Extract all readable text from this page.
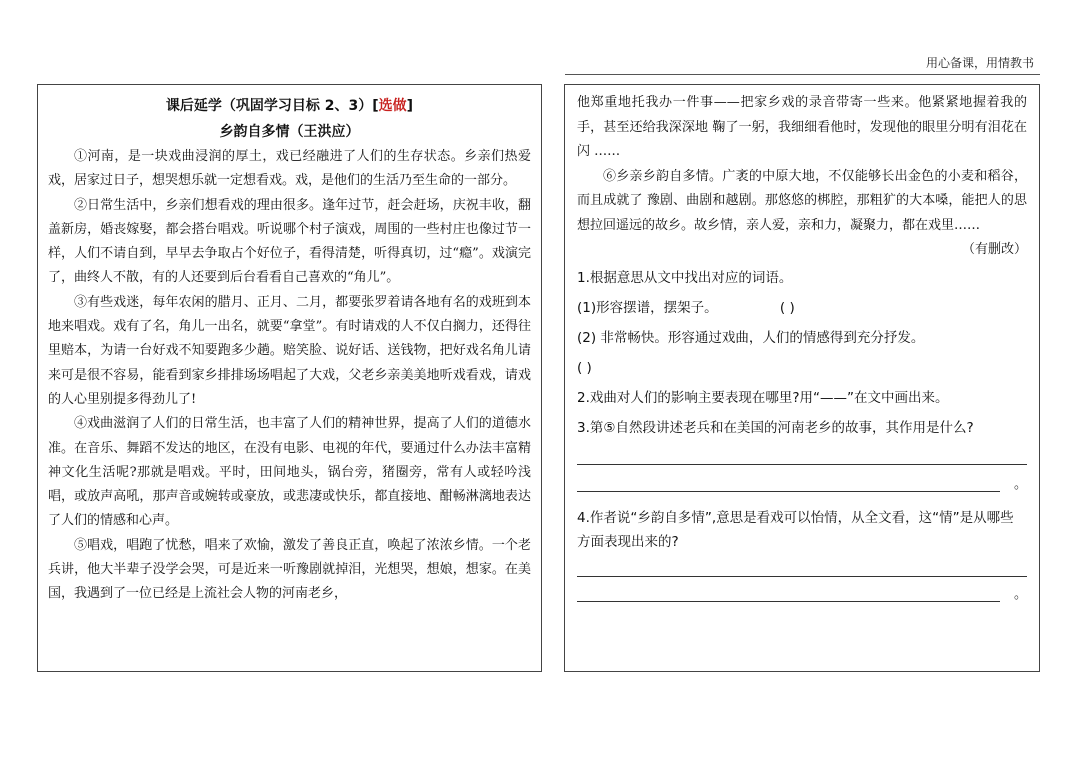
用心备课，用情教书
课后延学（巩固学习目标 2、3）[选做]
乡韵自多情（王洪应）

①河南，是一块戏曲浸润的厚土，戏已经融进了人们的生存状态。乡亲们热爱戏，居家过日子，想哭想乐就一定想看戏。戏，是他们的生活乃至生命的一部分。

②日常生活中，乡亲们想看戏的理由很多。逢年过节，赶会赶场，庆祝丰收，翻盖新房，婚丧嫁娶，都会搭台唱戏。听说哪个村子演戏，周围的一些村庄也像过节一样，人们不请自到，早早去争取占个好位子，看得清楚，听得真切，过“瘾”。戏演完了，曲终人不散，有的人还要到后台看看自己喜欢的“角儿”。

③有些戏迷，每年农闲的腊月、正月、二月，都要张罗着请各地有名的戏班到本地来唱戏。戏有了名，角儿一出名，就要“拿堂”。有时请戏的人不仅白搁力，还得往里赔本，为请一台好戏不知要跑多少趟。赔笑脸、说好话、送钱物，把好戏名角儿请来可是很不容易，能看到家乡排排场场唱起了大戏，父老乡亲美美地听戏看戏，请戏的人心里别提多得劲儿了!

④戏曲滋润了人们的日常生活，也丰富了人们的精神世界，提高了人们的道德水准。在音乐、舞蹈不发达的地区，在没有电影、电视的年代，要通过什么办法丰富精神文化生活呢?那就是唱戏。平时，田间地头，锅台旁，猪圈旁，常有人或轻吟浅唱，或放声高吼，那声音或婉转或豪放，或悲凄或快乐，都直接地、酣畅淋漓地表达了人们的情感和心声。

⑤唱戏，唱跑了忧愁，唱来了欢愉，激发了善良正直，唤起了浓浓乡情。一个老兵讲，他大半辈子没学会哭，可是近来一听豫剧就掉泪，光想哭，想娘，想家。在美国，我遇到了一位已经是上流社会人物的河南老乡，

他郑重地托我办一件事——把家乡戏的录音带寄一些来。他紧紧地握着我的手，甚至还给我深深地 鞠了一躬，我细细看他时，发现他的眼里分明有泪花在闪 ……

⑥乡亲乡韵自多情。广袤的中原大地，不仅能够长出金色的小麦和稻谷，而且成就了 豫剧、曲剧和越剧。那悠悠的梆腔，那粗犷的大本嗓，能把人的思想拉回遥远的故乡。故乡情，亲人爱，亲和力，凝聚力，都在戏里……

（有删改）

1.根据意思从文中找出对应的词语。

(1)形容摆谱，摆架子。	( )

(2) 非常畅快。形容通过戏曲，人们的情感得到充分抒发。

( )

2.戏曲对人们的影响主要表现在哪里?用“——”在文中画出来。

3.第⑤自然段讲述老兵和在美国的河南老乡的故事，其作用是什么?

。

4.作者说“乡韵自多情”,意思是看戏可以怡情，从全文看，这“情”是从哪些方面表现出来的?

。
